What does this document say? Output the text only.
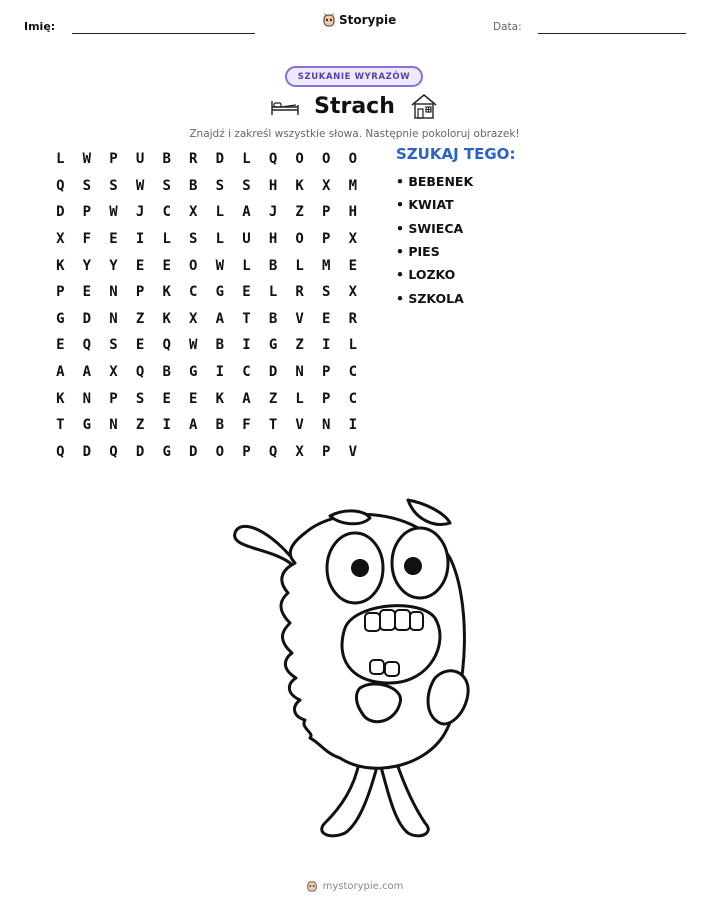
Imię:	Storypie	Data:
SZUKANIE WYRAZÓW
Strach
Znajdź i zakreśl wszystkie słowa. Następnie pokoloruj obrazek!
L	W	P	U	B	R	D	L	Q	O	O	O
Q	S	S	W	S	B	S	S	H	K	X	M
D	P	W	J	C	X	L	A	J	Z	P	H
X	F	E	I	L	S	L	U	H	O	P	X
K	Y	Y	E	E	O	W	L	B	L	M	E
P	E	N	P	K	C	G	E	L	R	S	X
G	D	N	Z	K	X	A	T	B	V	E	R
E	Q	S	E	Q	W	B	I	G	Z	I	L
A	A	X	Q	B	G	I	C	D	N	P	C
K	N	P	S	E	E	K	A	Z	L	P	C
T	G	N	Z	I	A	B	F	T	V	N	I
Q	D	Q	D	G	D	O	P	Q	X	P	V
SZUKAJ TEGO:
• BEBENEK
• KWIAT
• SWIECA
• PIES
• LOZKO
• SZKOLA
mystorypie.com
